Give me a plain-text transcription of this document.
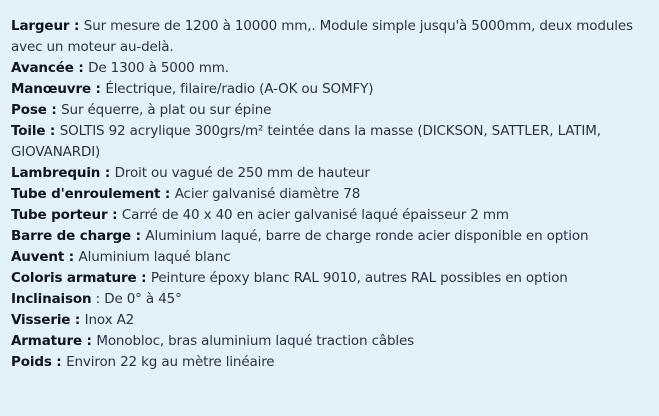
Largeur : Sur mesure de 1200 à 10000 mm,. Module simple jusqu'à 5000mm, deux modules avec un moteur au-delà.

Avancée : De 1300 à 5000 mm.

Manœuvre : Électrique, filaire/radio (A-OK ou SOMFY)

Pose : Sur équerre, à plat ou sur épine

Toile : SOLTIS 92 acrylique 300grs/m² teintée dans la masse (DICKSON, SATTLER, LATIM, GIOVANARDI)

Lambrequin : Droit ou vagué de 250 mm de hauteur

Tube d'enroulement : Acier galvanisé diamètre 78

Tube porteur : Carré de 40 x 40 en acier galvanisé laqué épaisseur 2 mm

Barre de charge : Aluminium laqué, barre de charge ronde acier disponible en option

Auvent : Aluminium laqué blanc

Coloris armature : Peinture époxy blanc RAL 9010, autres RAL possibles en option

Inclinaison : De 0° à 45°

Visserie : Inox A2

Armature : Monobloc, bras aluminium laqué traction câbles

Poids : Environ 22 kg au mètre linéaire
